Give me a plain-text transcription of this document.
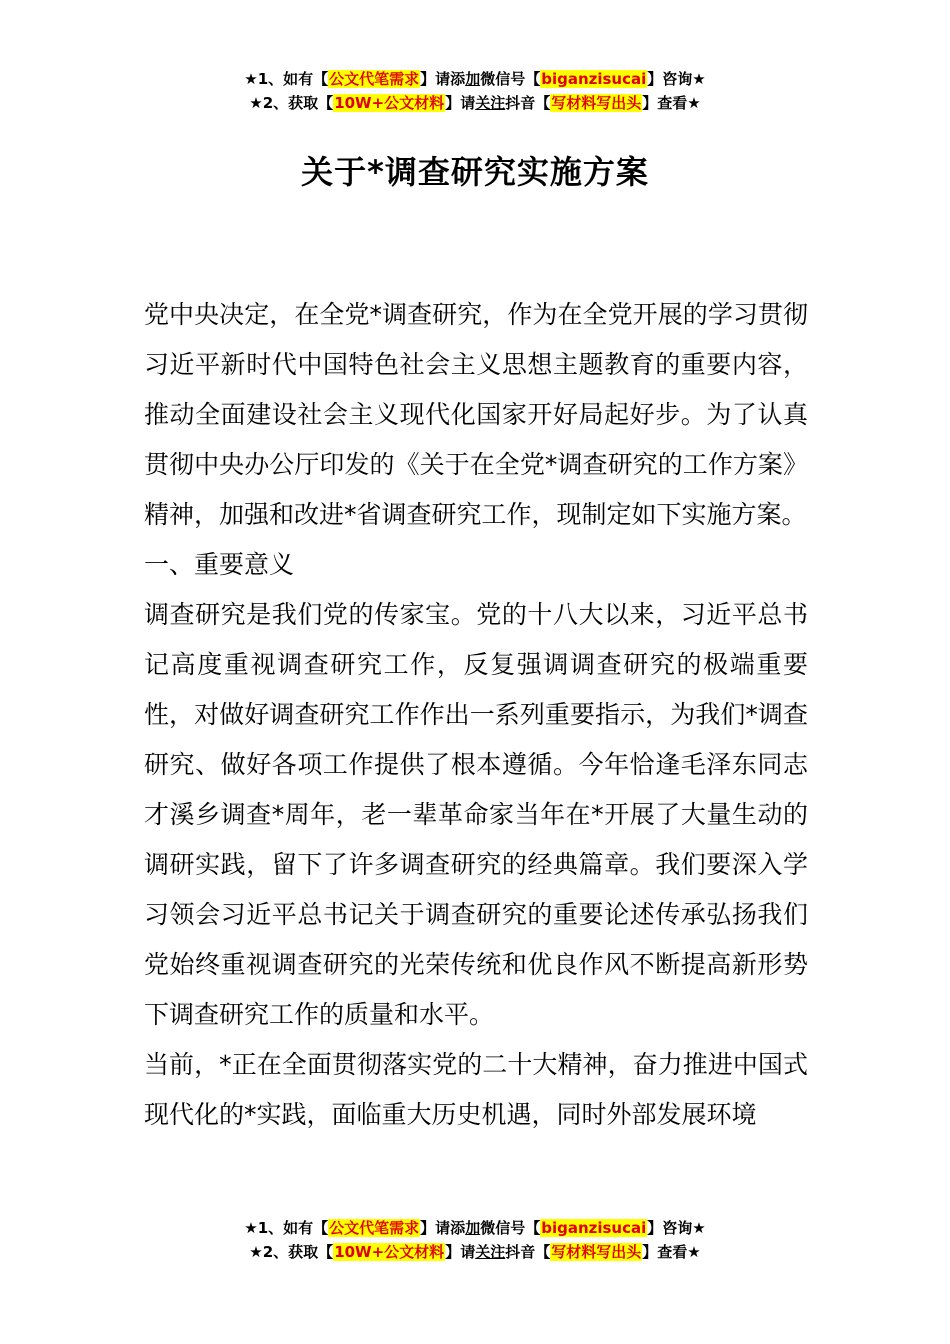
★1、如有【公文代笔需求】请添加微信号【biganzisucai】咨询★
★2、获取【10W+公文材料】请关注抖音【写材料写出头】查看★
关于*调查研究实施方案

党中央决定，在全党*调查研究，作为在全党开展的学习贯彻习近平新时代中国特色社会主义思想主题教育的重要内容，推动全面建设社会主义现代化国家开好局起好步。为了认真贯彻中央办公厅印发的《关于在全党*调查研究的工作方案》精神，加强和改进*省调查研究工作，现制定如下实施方案。

一、重要意义

调查研究是我们党的传家宝。党的十八大以来，习近平总书记高度重视调查研究工作，反复强调调查研究的极端重要性，对做好调查研究工作作出一系列重要指示，为我们*调查研究、做好各项工作提供了根本遵循。今年恰逢毛泽东同志才溪乡调查*周年，老一辈革命家当年在*开展了大量生动的调研实践，留下了许多调查研究的经典篇章。我们要深入学习领会习近平总书记关于调查研究的重要论述传承弘扬我们党始终重视调查研究的光荣传统和优良作风不断提高新形势下调查研究工作的质量和水平。

当前，*正在全面贯彻落实党的二十大精神，奋力推进中国式现代化的*实践，面临重大历史机遇，同时外部发展环境

★1、如有【公文代笔需求】请添加微信号【biganzisucai】咨询★
★2、获取【10W+公文材料】请关注抖音【写材料写出头】查看★
